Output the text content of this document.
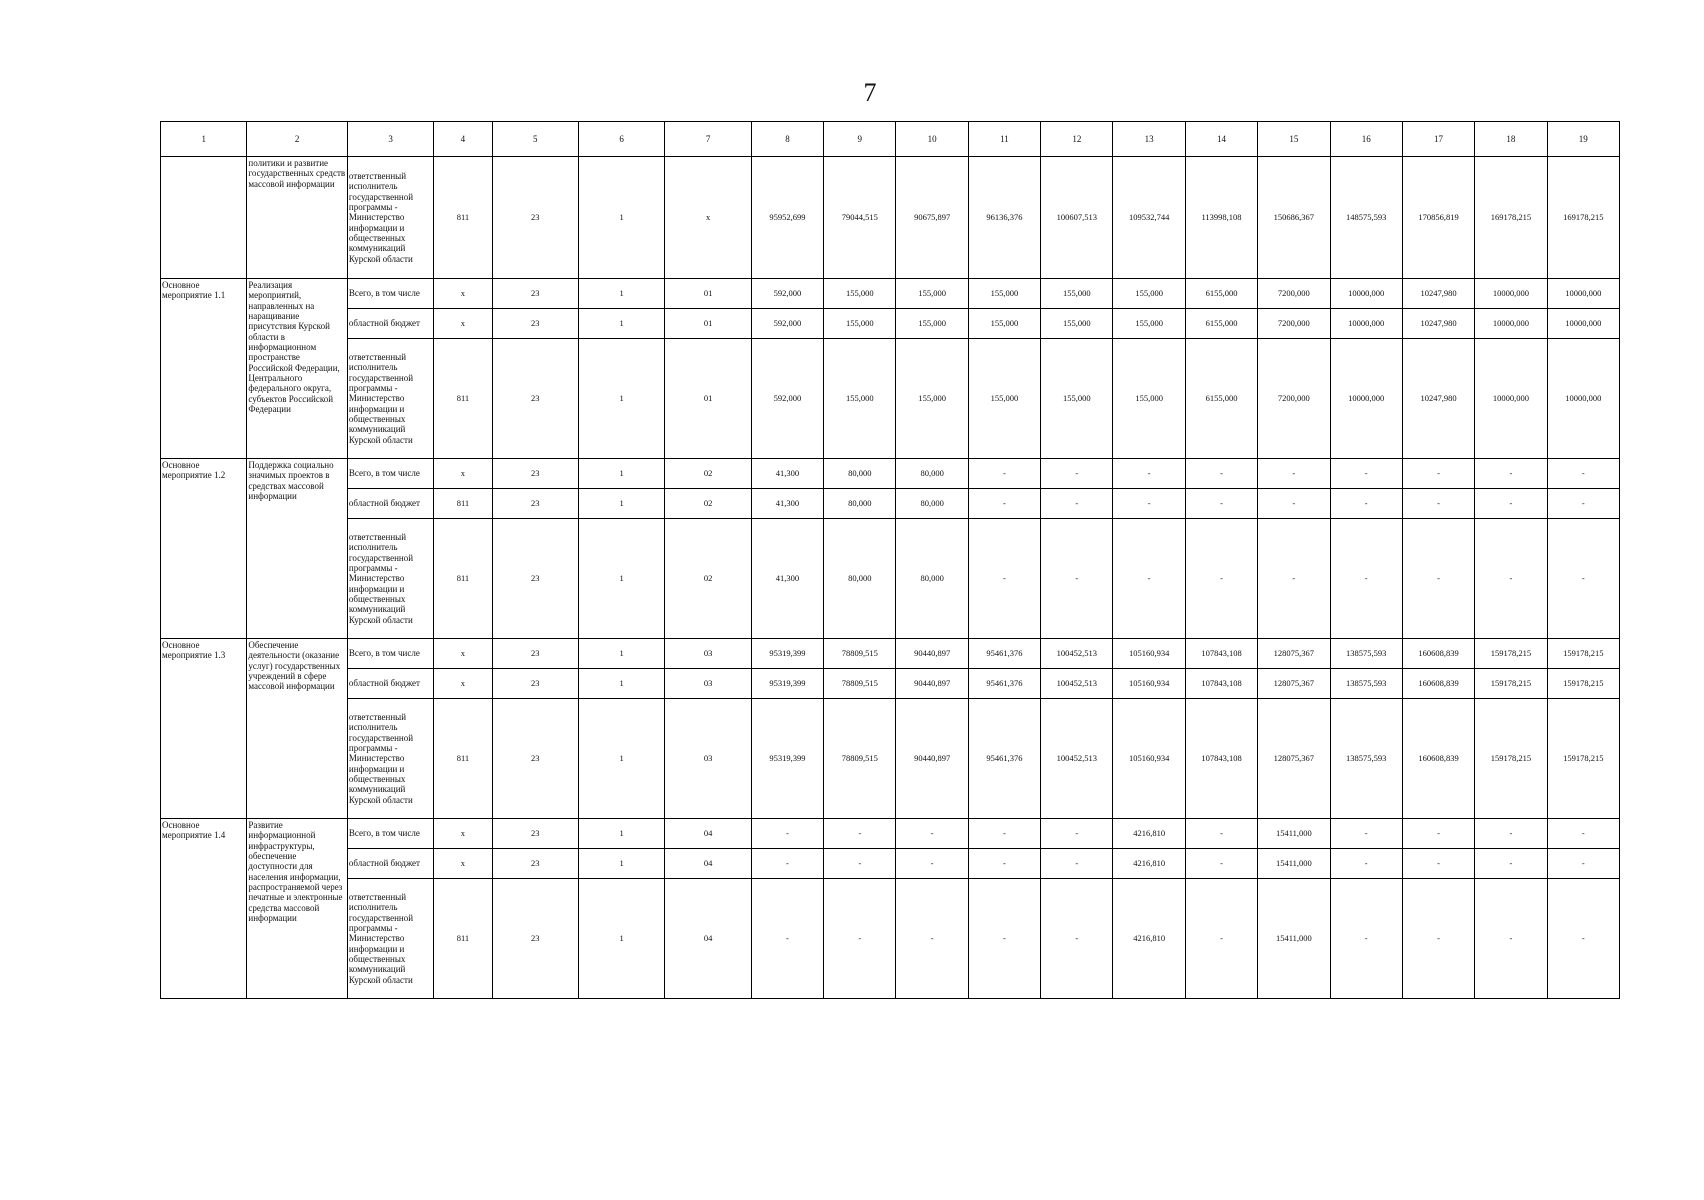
7
1	2	3	4	5	6	7	8	9	10	11	12	13	14	15	16	17	18	19
	политики и развитие государственных средств массовой информации	ответственный исполнитель государственной программы - Министерство информации и общественных коммуникаций Курской области	811	23	1	х	95952,699	79044,515	90675,897	96136,376	100607,513	109532,744	113998,108	150686,367	148575,593	170856,819	169178,215	169178,215
Основное мероприятие 1.1	Реализация мероприятий, направленных на наращивание присутствия Курской области в информационном пространстве Российской Федерации, Центрального федерального округа, субъектов Российской Федерации	Всего, в том числе	х	23	1	01	592,000	155,000	155,000	155,000	155,000	155,000	6155,000	7200,000	10000,000	10247,980	10000,000	10000,000
		областной бюджет	х	23	1	01	592,000	155,000	155,000	155,000	155,000	155,000	6155,000	7200,000	10000,000	10247,980	10000,000	10000,000
		ответственный исполнитель государственной программы - Министерство информации и общественных коммуникаций Курской области	811	23	1	01	592,000	155,000	155,000	155,000	155,000	155,000	6155,000	7200,000	10000,000	10247,980	10000,000	10000,000
Основное мероприятие 1.2	Поддержка социально значимых проектов в средствах массовой информации	Всего, в том числе	х	23	1	02	41,300	80,000	80,000	-	-	-	-	-	-	-	-	-
		областной бюджет	811	23	1	02	41,300	80,000	80,000	-	-	-	-	-	-	-	-	-
		ответственный исполнитель государственной программы - Министерство информации и общественных коммуникаций Курской области	811	23	1	02	41,300	80,000	80,000	-	-	-	-	-	-	-	-	-
Основное мероприятие 1.3	Обеспечение деятельности (оказание услуг) государственных учреждений в сфере массовой информации	Всего, в том числе	х	23	1	03	95319,399	78809,515	90440,897	95461,376	100452,513	105160,934	107843,108	128075,367	138575,593	160608,839	159178,215	159178,215
		областной бюджет	х	23	1	03	95319,399	78809,515	90440,897	95461,376	100452,513	105160,934	107843,108	128075,367	138575,593	160608,839	159178,215	159178,215
		ответственный исполнитель государственной программы - Министерство информации и общественных коммуникаций Курской области	811	23	1	03	95319,399	78809,515	90440,897	95461,376	100452,513	105160,934	107843,108	128075,367	138575,593	160608,839	159178,215	159178,215
Основное мероприятие 1.4	Развитие информационной инфраструктуры, обеспечение доступности для населения информации, распространяемой через печатные и электронные средства массовой информации	Всего, в том числе	х	23	1	04	-	-	-	-	-	4216,810	-	15411,000	-	-	-	-
		областной бюджет	х	23	1	04	-	-	-	-	-	4216,810	-	15411,000	-	-	-	-
		ответственный исполнитель государственной программы - Министерство информации и общественных коммуникаций Курской области	811	23	1	04	-	-	-	-	-	4216,810	-	15411,000	-	-	-	-
